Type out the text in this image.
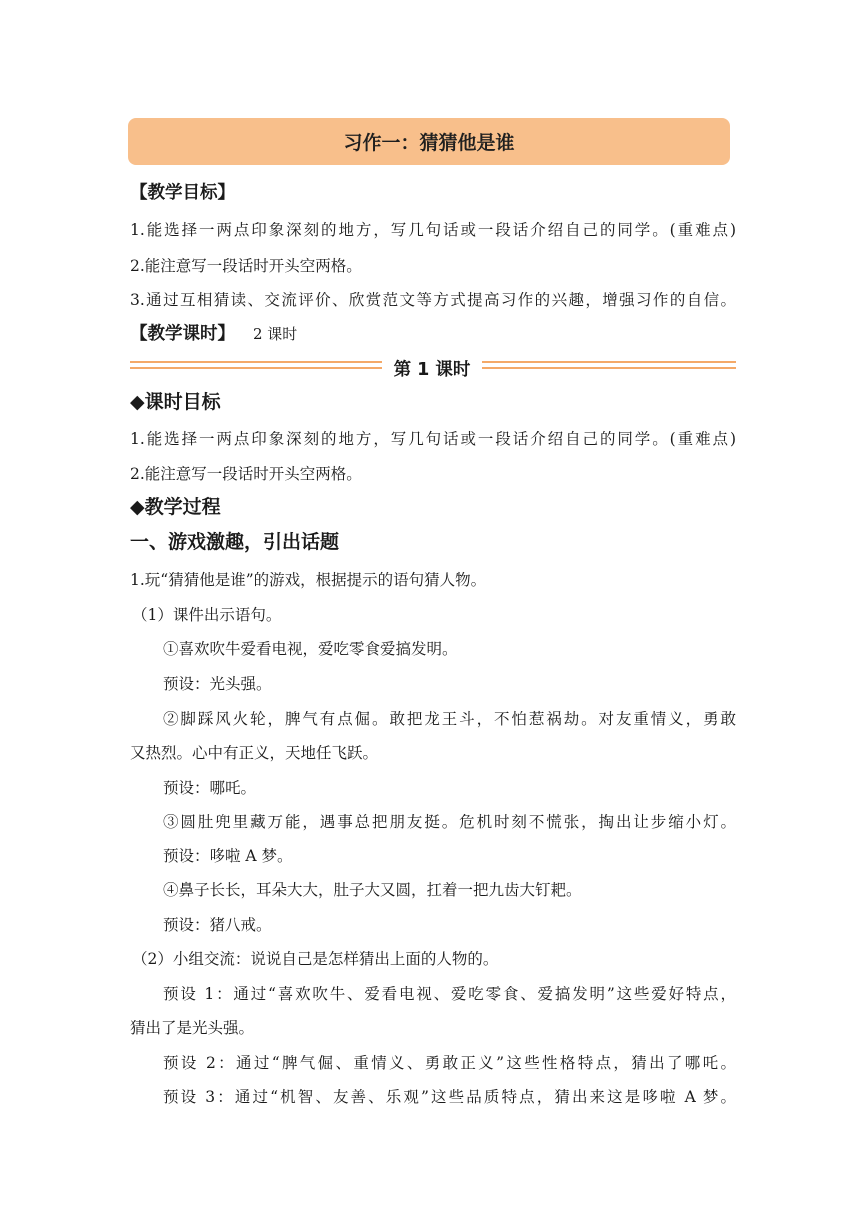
习作一：猜猜他是谁
【教学目标】
1.能选择一两点印象深刻的地方，写几句话或一段话介绍自己的同学。(重难点)
2.能注意写一段话时开头空两格。
3.通过互相猜读、交流评价、欣赏范文等方式提高习作的兴趣，增强习作的自信。
【教学课时】 2 课时
第 1 课时
◆课时目标
1.能选择一两点印象深刻的地方，写几句话或一段话介绍自己的同学。(重难点)
2.能注意写一段话时开头空两格。
◆教学过程
一、游戏激趣，引出话题
1.玩“猜猜他是谁”的游戏，根据提示的语句猜人物。
（1）课件出示语句。
①喜欢吹牛爱看电视，爱吃零食爱搞发明。
预设：光头强。
②脚踩风火轮，脾气有点倔。敢把龙王斗，不怕惹祸劫。对友重情义，勇敢
又热烈。心中有正义，天地任飞跃。
预设：哪吒。
③圆肚兜里藏万能，遇事总把朋友挺。危机时刻不慌张，掏出让步缩小灯。
预设：哆啦 A 梦。
④鼻子长长，耳朵大大，肚子大又圆，扛着一把九齿大钉耙。
预设：猪八戒。
（2）小组交流：说说自己是怎样猜出上面的人物的。
预设 1：通过“喜欢吹牛、爱看电视、爱吃零食、爱搞发明”这些爱好特点，
猜出了是光头强。
预设 2：通过“脾气倔、重情义、勇敢正义”这些性格特点，猜出了哪吒。
预设 3：通过“机智、友善、乐观”这些品质特点，猜出来这是哆啦 A 梦。
